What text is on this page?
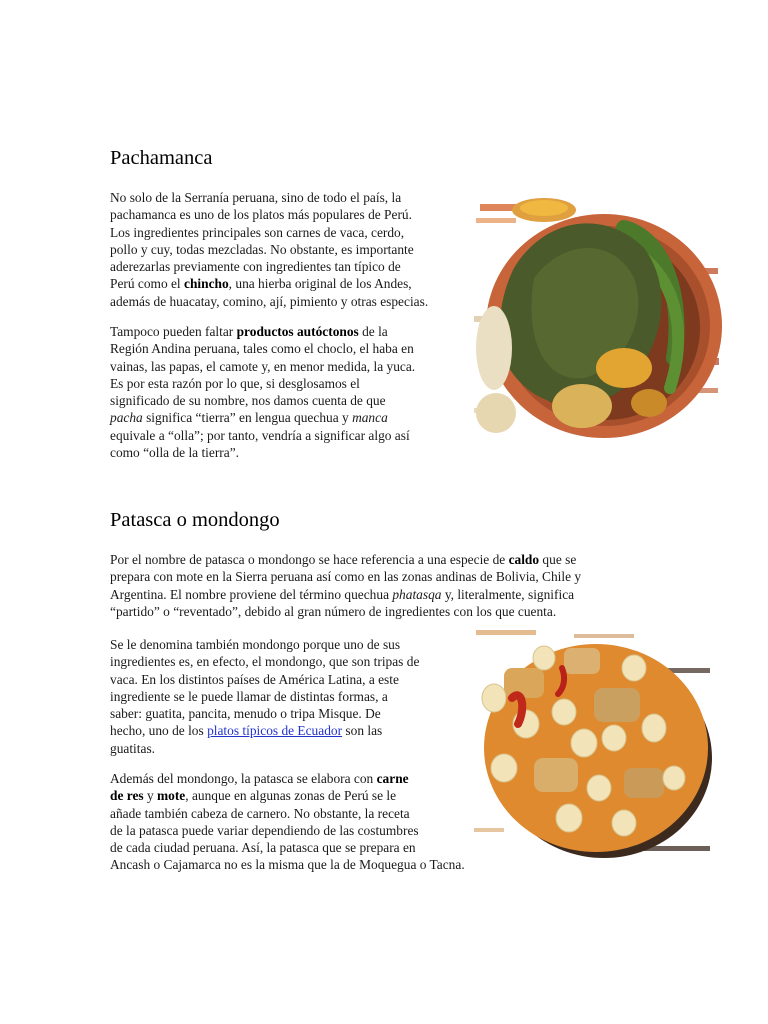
Pachamanca

No solo de la Serranía peruana, sino de todo el país, la
pachamanca es uno de los platos más populares de Perú.
Los ingredientes principales son carnes de vaca, cerdo,
pollo y cuy, todas mezcladas. No obstante, es importante
aderezarlas previamente con ingredientes tan típico de
Perú como el chincho, una hierba original de los Andes,
además de huacatay, comino, ají, pimiento y otras especias.

Tampoco pueden faltar productos autóctonos de la
Región Andina peruana, tales como el choclo, el haba en
vainas, las papas, el camote y, en menor medida, la yuca.
Es por esta razón por lo que, si desglosamos el
significado de su nombre, nos damos cuenta de que
pacha significa “tierra” en lengua quechua y manca
equivale a “olla”; por tanto, vendría a significar algo así
como “olla de la tierra”.

Patasca o mondongo

Por el nombre de patasca o mondongo se hace referencia a una especie de caldo que se
prepara con mote en la Sierra peruana así como en las zonas andinas de Bolivia, Chile y
Argentina. El nombre proviene del término quechua phatasqa y, literalmente, significa
“partido” o “reventado”, debido al gran número de ingredientes con los que cuenta.

Se le denomina también mondongo porque uno de sus
ingredientes es, en efecto, el mondongo, que son tripas de
vaca. En los distintos países de América Latina, a este
ingrediente se le puede llamar de distintas formas, a
saber: guatita, pancita, menudo o tripa Misque. De
hecho, uno de los platos típicos de Ecuador son las
guatitas.

Además del mondongo, la patasca se elabora con carne
de res y mote, aunque en algunas zonas de Perú se le
añade también cabeza de carnero. No obstante, la receta
de la patasca puede variar dependiendo de las costumbres
de cada ciudad peruana. Así, la patasca que se prepara en
Ancash o Cajamarca no es la misma que la de Moquegua o Tacna.
